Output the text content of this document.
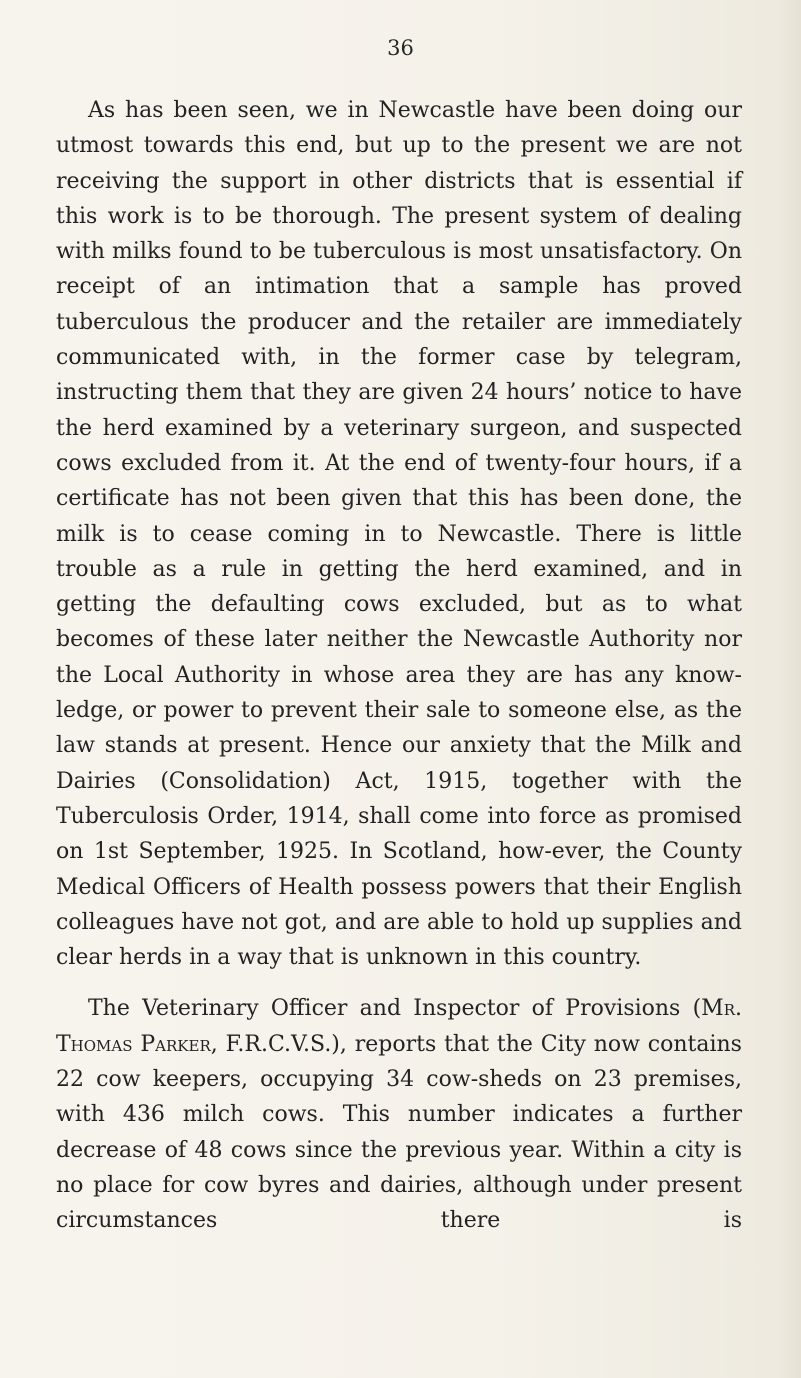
36

As has been seen, we in Newcastle have been doing our utmost towards this end, but up to the present we are not receiving the support in other districts that is essential if this work is to be thorough. The present system of dealing with milks found to be tuberculous is most unsatisfactory. On receipt of an intimation that a sample has proved tuberculous the producer and the retailer are immediately communicated with, in the former case by telegram, instructing them that they are given 24 hours’ notice to have the herd examined by a veterinary surgeon, and suspected cows excluded from it. At the end of twenty-four hours, if a certificate has not been given that this has been done, the milk is to cease coming in to Newcastle. There is little trouble as a rule in getting the herd examined, and in getting the defaulting cows excluded, but as to what becomes of these later neither the Newcastle Authority nor the Local Authority in whose area they are has any know-ledge, or power to prevent their sale to someone else, as the law stands at present. Hence our anxiety that the Milk and Dairies (Consolidation) Act, 1915, together with the Tuberculosis Order, 1914, shall come into force as promised on 1st September, 1925. In Scotland, how-ever, the County Medical Officers of Health possess powers that their English colleagues have not got, and are able to hold up supplies and clear herds in a way that is unknown in this country.

The Veterinary Officer and Inspector of Provisions (Mr. Thomas Parker, F.R.C.V.S.), reports that the City now contains 22 cow keepers, occupying 34 cow-sheds on 23 premises, with 436 milch cows. This number indicates a further decrease of 48 cows since the previous year. Within a city is no place for cow byres and dairies, although under present circumstances there is
